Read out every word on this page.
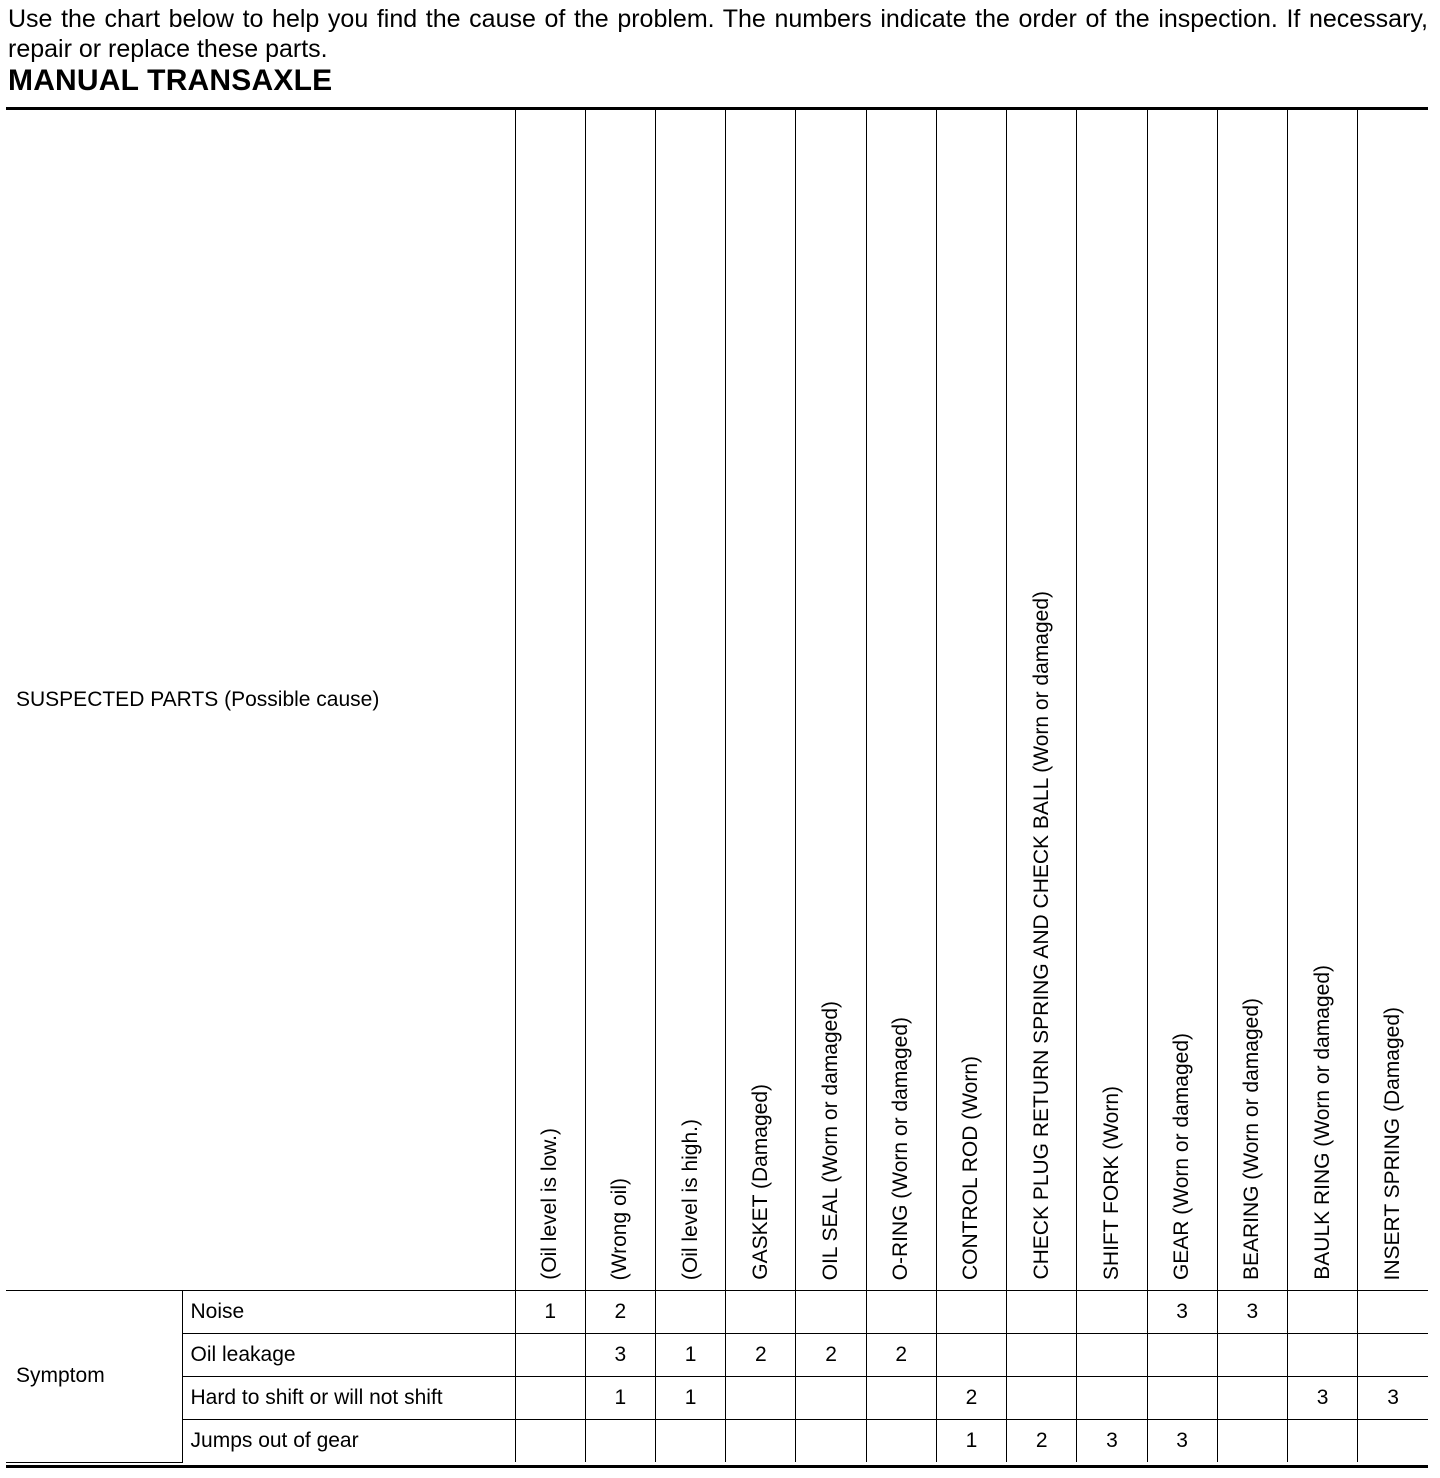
Use the chart below to help you find the cause of the problem. The numbers indicate the order of the inspection. If necessary, repair or replace these parts.

MANUAL TRANSAXLE
SUSPECTED PARTS (Possible cause)		(Oil level is low.)	(Wrong oil)	(Oil level is high.)	GASKET (Damaged)	OIL SEAL (Worn or damaged)	O-RING (Worn or damaged)	CONTROL ROD (Worn)	CHECK PLUG RETURN SPRING AND CHECK BALL (Worn or damaged)	SHIFT FORK (Worn)	GEAR (Worn or damaged)	BEARING (Worn or damaged)	BAULK RING (Worn or damaged)	INSERT SPRING (Damaged)

Symptom	Noise	1	2								3	3		
	Oil leakage		3	1	2	2	2							
	Hard to shift or will not shift		1	1				2					3	3
	Jumps out of gear							1	2	3	3			
